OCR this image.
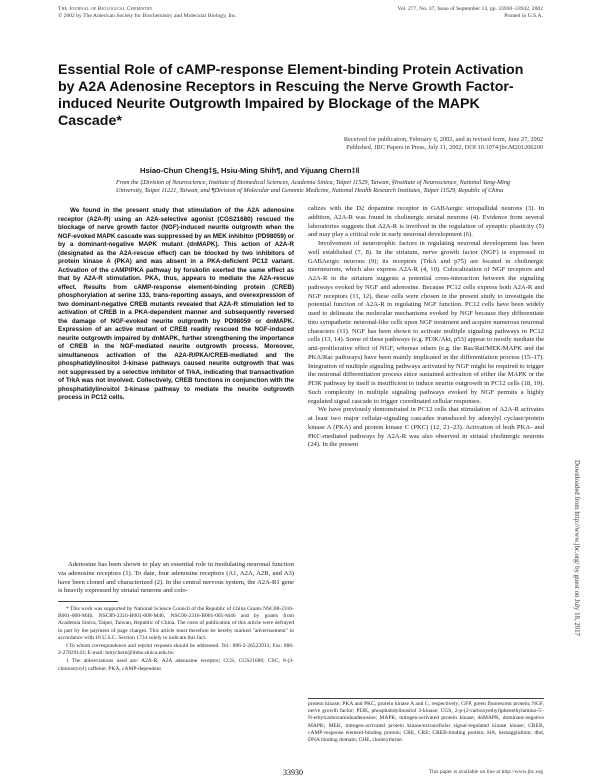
The Journal of Biological Chemistry
© 2002 by The American Society for Biochemistry and Molecular Biology, Inc.
Vol. 277, No. 37, Issue of September 13, pp. 33930–33942, 2002
Printed in U.S.A.
Essential Role of cAMP-response Element-binding Protein Activation by A2A Adenosine Receptors in Rescuing the Nerve Growth Factor-induced Neurite Outgrowth Impaired by Blockage of the MAPK Cascade*
Received for publication, February 6, 2002, and in revised form, June 27, 2002
Published, JBC Papers in Press, July 11, 2002, DOI 10.1074/jbc.M201206200
Hsiao-Chun Cheng‡§, Hsiu-Ming Shih¶, and Yijuang Chern‡‖
From the ‡Division of Neuroscience, Institute of Biomedical Sciences, Academia Sinica, Taipei 11529, Taiwan, §Institute of Neuroscience, National Yang-Ming University, Taipei 11221, Taiwan, and ¶Division of Molecular and Genomic Medicine, National Health Research Institutes, Taipei 11529, Republic of China

We found in the present study that stimulation of the A2A adenosine receptor (A2A-R) using an A2A-selective agonist (CGS21680) rescued the blockage of nerve growth factor (NGF)-induced neurite outgrowth when the NGF-evoked MAPK cascade was suppressed by an MEK inhibitor (PD98059) or by a dominant-negative MAPK mutant (dnMAPK). This action of A2A-R (designated as the A2A-rescue effect) can be blocked by two inhibitors of protein kinase A (PKA) and was absent in a PKA-deficient PC12 variant. Activation of the cAMP/PKA pathway by forskolin exerted the same effect as that by A2A-R stimulation. PKA, thus, appears to mediate the A2A-rescue effect. Results from cAMP-response element-binding protein (CREB) phosphorylation at serine 133, trans-reporting assays, and overexpression of two dominant-negative CREB mutants revealed that A2A-R stimulation led to activation of CREB in a PKA-dependent manner and subsequently reversed the damage of NGF-evoked neurite outgrowth by PD98059 or dnMAPK. Expression of an active mutant of CREB readily rescued the NGF-induced neurite outgrowth impaired by dnMAPK, further strengthening the importance of CREB in the NGF-mediated neurite outgrowth process. Moreover, simultaneous activation of the A2A-R/PKA/CREB-mediated and the phosphatidylinositol 3-kinase pathways caused neurite outgrowth that was not suppressed by a selective inhibitor of TrkA, indicating that transactivation of TrkA was not involved. Collectively, CREB functions in conjunction with the phosphatidylinositol 3-kinase pathway to mediate the neurite outgrowth process in PC12 cells.

Adenosine has been shown to play an essential role in modulating neuronal function via adenosine receptors (1). To date, four adenosine receptors (A1, A2A, A2B, and A3) have been cloned and characterized (2). In the central nervous system, the A2A-R1 gene is heavily expressed by striatal neurons and colo-

* This work was supported by National Science Council of the Republic of China Grants NSC88-2316-B001-008-M46, NSC89-2316-B001-008-M46, NSC90-2316-B001-005-M46 and by grants from Academia Sinica, Taipei, Taiwan, Republic of China. The costs of publication of this article were defrayed in part by the payment of page charges. This article must therefore be hereby marked "advertisement" in accordance with 18 U.S.C. Section 1734 solely to indicate this fact.

‖ To whom correspondence and reprint requests should be addressed. Tel.: 886-2-26523913; Fax: 886-2-27829143; E-mail: bmychern@ibms.sinica.edu.tw.

1 The abbreviations used are: A2A-R, A2A adenosine receptor; CGS, CGS21680; CSC, 8-(3-chlorostyryl) caffeine; PKA, cAMP-dependent

calizes with the D2 dopamine receptor in GABAergic striopallidal neurons (3). In addition, A2A-R was found in cholinergic striatal neurons (4). Evidence from several laboratories suggests that A2A-R is involved in the regulation of synaptic plasticity (5) and may play a critical role in early neuronal development (6).

Involvement of neurotrophic factors in regulating neuronal development has been well established (7, 8). In the striatum, nerve growth factor (NGF) is expressed in GABAergic neurons (9); its receptors (TrkA and p75) are located in cholinergic interneurons, which also express A2A-R (4, 10). Colocalization of NGF receptors and A2A-R in the striatum suggests a potential cross-interaction between the signaling pathways evoked by NGF and adenosine. Because PC12 cells express both A2A-R and NGF receptors (11, 12), these cells were chosen in the present study to investigate the potential function of A2A-R in regulating NGF function. PC12 cells have been widely used to delineate the molecular mechanisms evoked by NGF because they differentiate into sympathetic neuronal-like cells upon NGF treatment and acquire numerous neuronal characters (11). NGF has been shown to activate multiple signaling pathways in PC12 cells (13, 14). Some of these pathways (e.g. PI3K/Akt, p53) appear to mostly mediate the anti-proliferative effect of NGF, whereas others (e.g. the Ras/Raf/MEK/MAPK and the PKA/Rac pathways) have been mainly implicated in the differentiation process (15–17). Integration of multiple signaling pathways activated by NGF might be required to trigger the neuronal differentiation process since sustained activation of either the MAPK or the PI3K pathway by itself is insufficient to induce neurite outgrowth in PC12 cells (18, 19). Such complexity in multiple signaling pathways evoked by NGF permits a highly regulated signal cascade to trigger coordinated cellular responses.

We have previously demonstrated in PC12 cells that stimulation of A2A-R activates at least two major cellular-signaling cascades transduced by adenylyl cyclase/protein kinase A (PKA) and protein kinase C (PKC) (12, 21–23). Activation of both PKA- and PKC-mediated pathways by A2A-R was also observed in striatal cholinergic neurons (24). In the present

protein kinase; PKA and PKC, protein kinase A and C, respectively; GFP, green fluorescent protein; NGF, nerve growth factor; PI3K, phosphatidylinositol 3-kinase; CGS, 2-p-(2-carboxyethyl)phenethylamino-5′-N-ethylcarboxamidoadenosine; MAPK, mitogen-activated protein kinase; dnMAPK, dominant-negative MAPK; MEK, mitogen-activated protein kinase/extracellular signal-regulated kinase kinase; CREB, cAMP-response element-binding protein; CRE, CRE; CREB-binding protein; HA, hemagglutinin; dbd, DNA binding domain; CHE, cholerythrine.
33930	This paper is available on line at http://www.jbc.org
Downloaded from http://www.jbc.org/ by guest on July 18, 2017
